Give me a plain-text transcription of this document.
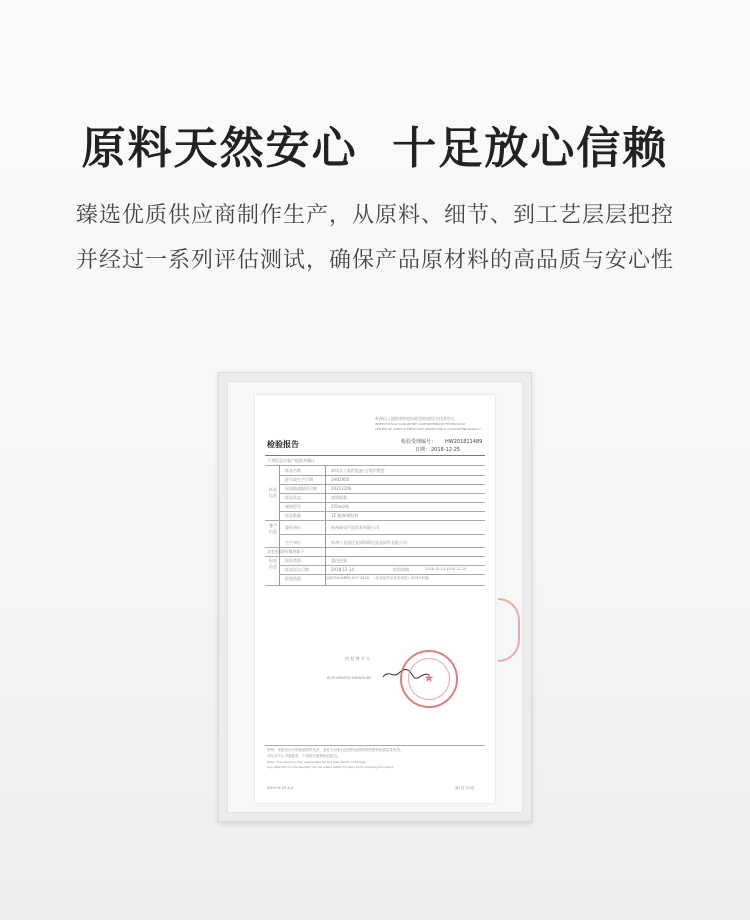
原料天然安心  十足放心信赖
臻选优质供应商制作生产，从原料、细节、到工艺层层把控
并经过一系列评估测试，确保产品原材料的高品质与安心性
苏州出入境检验检疫局检验检疫综合技术中心
INSPECTION & QUARANTINE COMPREHENSIVE TECHNOLOGY
CENTER OF SUZHOU ENTRY-EXIT INSPECTION & QUARANTINE BUREAU
检验报告	检验受理编号： HW201811489
日期： 2018-12-25
下列信息由客户提供并确认
样品信息
样品名称	泰风女士私护洗液-日常护理型
批号或生产日期	1H0290S
保质期或限用日期	20211206
样品状态	透明瓶装
规格型号	250ml/瓶
样品数量	12 瓶/纸塑包材
客户信息
委托单位	杭州网采严选贸易有限公司
生产单位	苏州工业园区安诺科斯化妆品研发有限公司
实验室提供/调用如下
检验信息
检验类别	委托检验
样品送达日期	2018.12.14	检验周期	2018.12.14-2018.12.20
检验依据	Q/JZ0501ARRS-007-2018、《化妆品安全技术规范》(2015年版)
授 权 签 字 人
AUTHORIZED SIGNATURE	★
声明：本报告仅对所检测试样负责，委托人对来自送检样品所附带的资料的真实性负责，
未经本中心书面批准，不得部分复制检验报告。
Note: This report is only responsible for the test results of sample.
Any objection to the result(s) can be raised within 15 days from receiving the report.
JSZX-HY-25 A-4	第1页 共4页
